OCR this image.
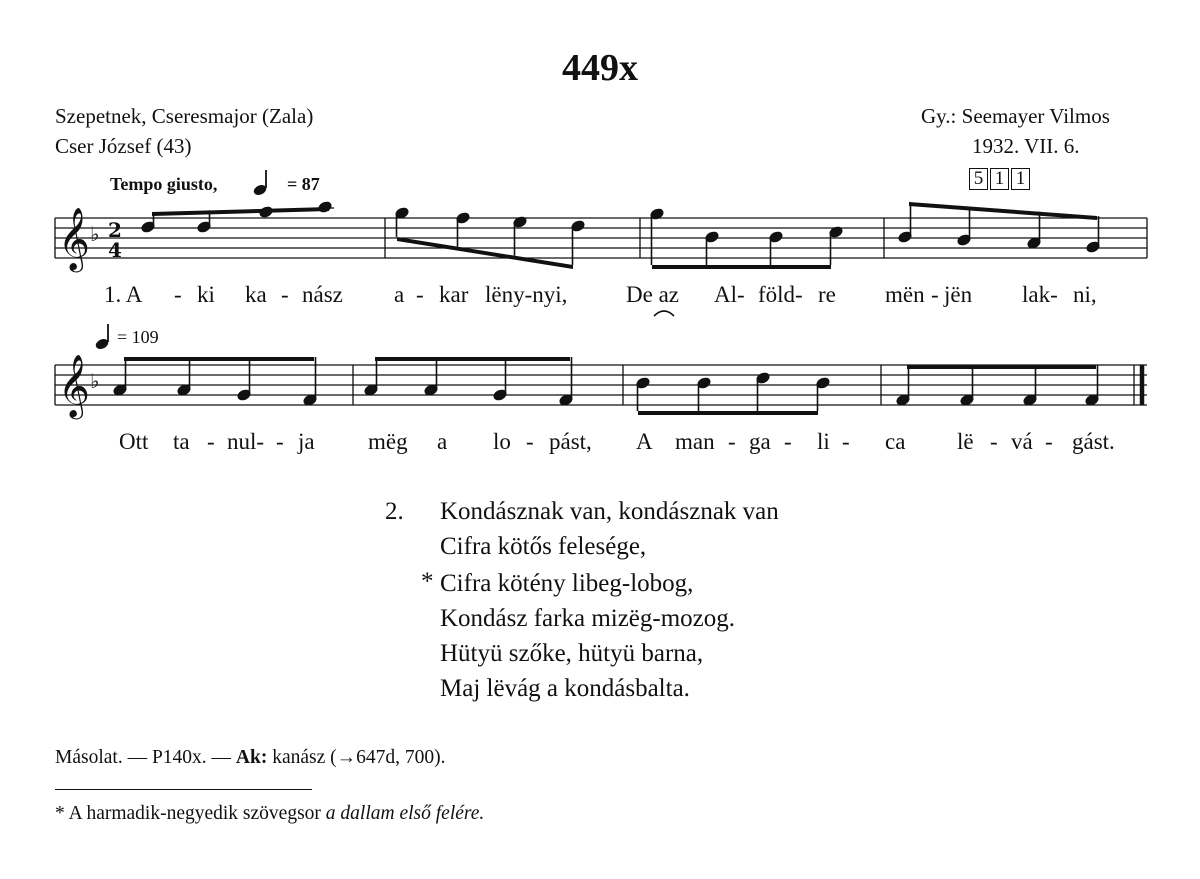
449x
Szepetnek, Cseresmajor (Zala)
Cser József (43)
Gy.: Seemayer Vilmos
1932. VII. 6.
5 1 1
Tempo giusto,	= 87
= 109
𝄞
𝄞
♭
♭
2
4
1. A - ki ka - nász a - kar lëny-nyi,	De az Al- föld- re mën - jën lak- ni,
Ott ta - nul- - ja mëg a lo - pást, A man - ga - li - ca lë - vá - gást.
2. Kondásznak van, kondásznak van
Cifra kötős felesége,
* Cifra kötény libeg-lobog,
Kondász farka mizëg-mozog.
Hütyü szőke, hütyü barna,
Maj lëvág a kondásbalta.
Másolat. — P140x. — Ak: kanász (→647d, 700).
* A harmadik-negyedik szövegsor a dallam első felére.
